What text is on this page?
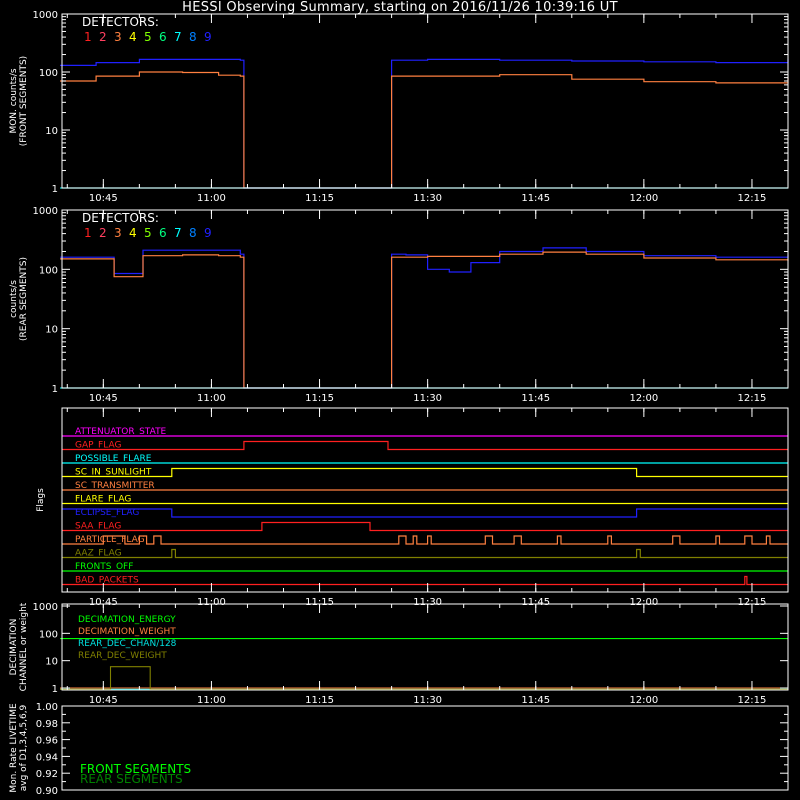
HESSI Observing Summary, starting on 2016/11/26 10:39:16 UT
10:45	11:00	11:15	11:30	11:45	12:00	12:15
1
10
100
1000
MON. counts/s (FRONT SEGMENTS)
DETECTORS:
1 2 3 4 5 6 7 8 9
10:45	11:00	11:15	11:30	11:45	12:00	12:15
1
10
100
1000
counts/s (REAR SEGMENTS)
DETECTORS:
1 2 3 4 5 6 7 8 9
ATTENUATOR_STATE
GAP_FLAG
POSSIBLE_FLARE
SC_IN_SUNLIGHT
SC_TRANSMITTER
FLARE_FLAG
ECLIPSE_FLAG
SAA_FLAG
PARTICLE_FLAG
AAZ_FLAG
FRONTS_OFF
BAD_PACKETS
10:45	11:00	11:15	11:30	11:45	12:00	12:15
Flags
DECIMATION_ENERGY
DECIMATION_WEIGHT
REAR_DEC_CHAN/128
REAR_DEC_WEIGHT
10:45	11:00	11:15	11:30	11:45	12:00	12:15
1
10
100
1000
DECIMATION CHANNEL or weight
0.90
0.92
0.94
0.96
0.98
1.00
FRONT SEGMENTS
REAR SEGMENTS
Mon. Rate LIVETIME avg of D1,3,4,5,6,9
